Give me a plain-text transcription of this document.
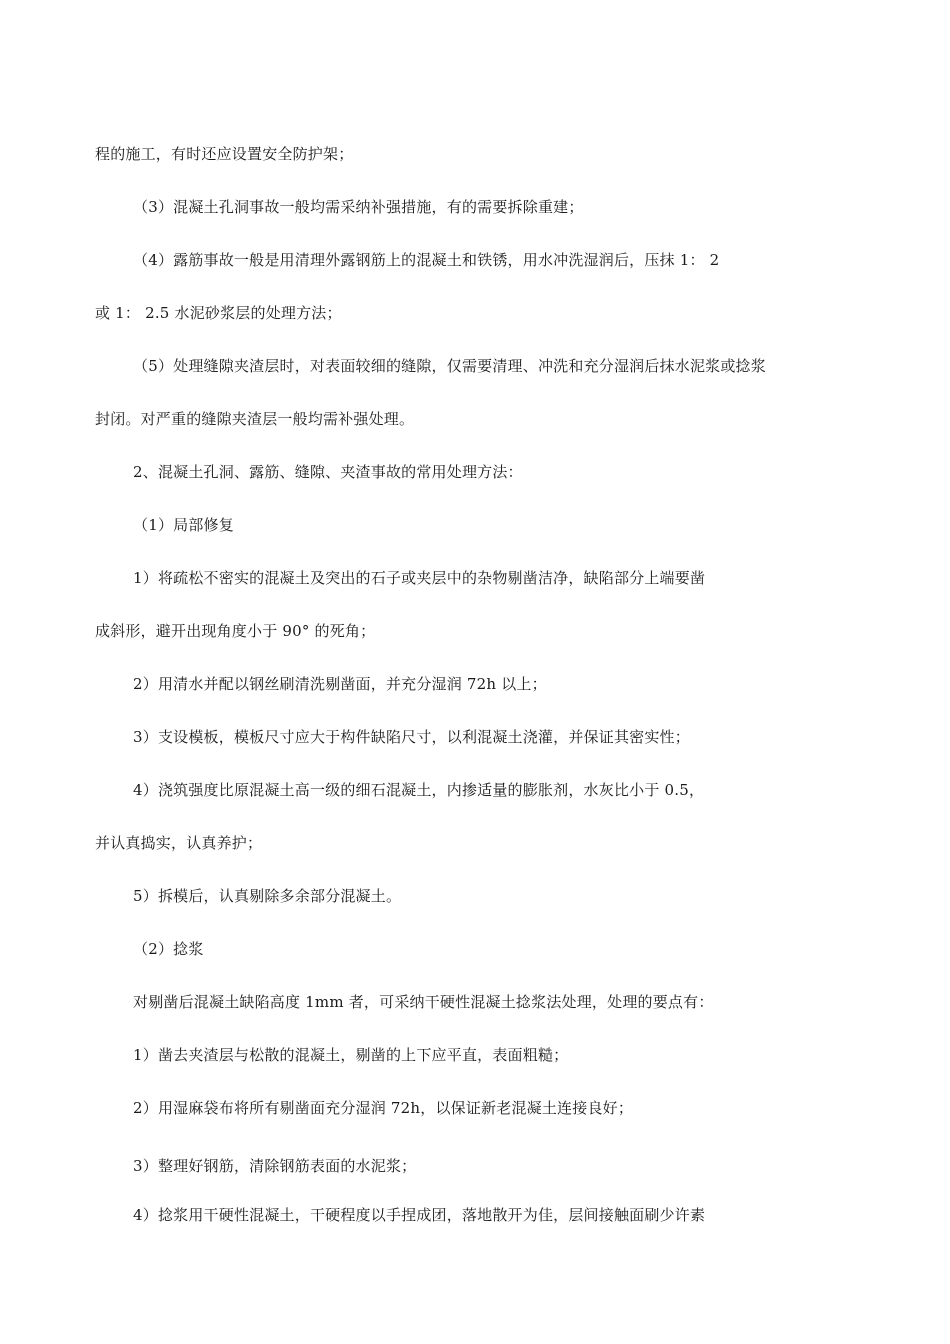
程的施工，有时还应设置安全防护架；
（3）混凝土孔洞事故一般均需采纳补强措施，有的需要拆除重建；
（4）露筋事故一般是用清理外露钢筋上的混凝土和铁锈，用水冲洗湿润后，压抹 1： 2
或 1： 2.5 水泥砂浆层的处理方法；
（5）处理缝隙夹渣层时，对表面较细的缝隙，仅需要清理、冲洗和充分湿润后抹水泥浆或捻浆
封闭。对严重的缝隙夹渣层一般均需补强处理。
2、混凝土孔洞、露筋、缝隙、夹渣事故的常用处理方法：
（1）局部修复
1）将疏松不密实的混凝土及突出的石子或夹层中的杂物剔凿洁净，缺陷部分上端要凿
成斜形，避开出现角度小于 90° 的死角；
2）用清水并配以钢丝刷清洗剔凿面，并充分湿润 72h 以上；
3）支设模板，模板尺寸应大于构件缺陷尺寸，以利混凝土浇灌，并保证其密实性；
4）浇筑强度比原混凝土高一级的细石混凝土，内掺适量的膨胀剂，水灰比小于 0.5，
并认真捣实，认真养护；
5）拆模后，认真剔除多余部分混凝土。
（2）捻浆
对剔凿后混凝土缺陷高度 1mm 者，可采纳干硬性混凝土捻浆法处理，处理的要点有：
1）凿去夹渣层与松散的混凝土，剔凿的上下应平直，表面粗糙；
2）用湿麻袋布将所有剔凿面充分湿润 72h，以保证新老混凝土连接良好；
3）整理好钢筋，清除钢筋表面的水泥浆；
4）捻浆用干硬性混凝土，干硬程度以手捏成团，落地散开为佳，层间接触面刷少许素
